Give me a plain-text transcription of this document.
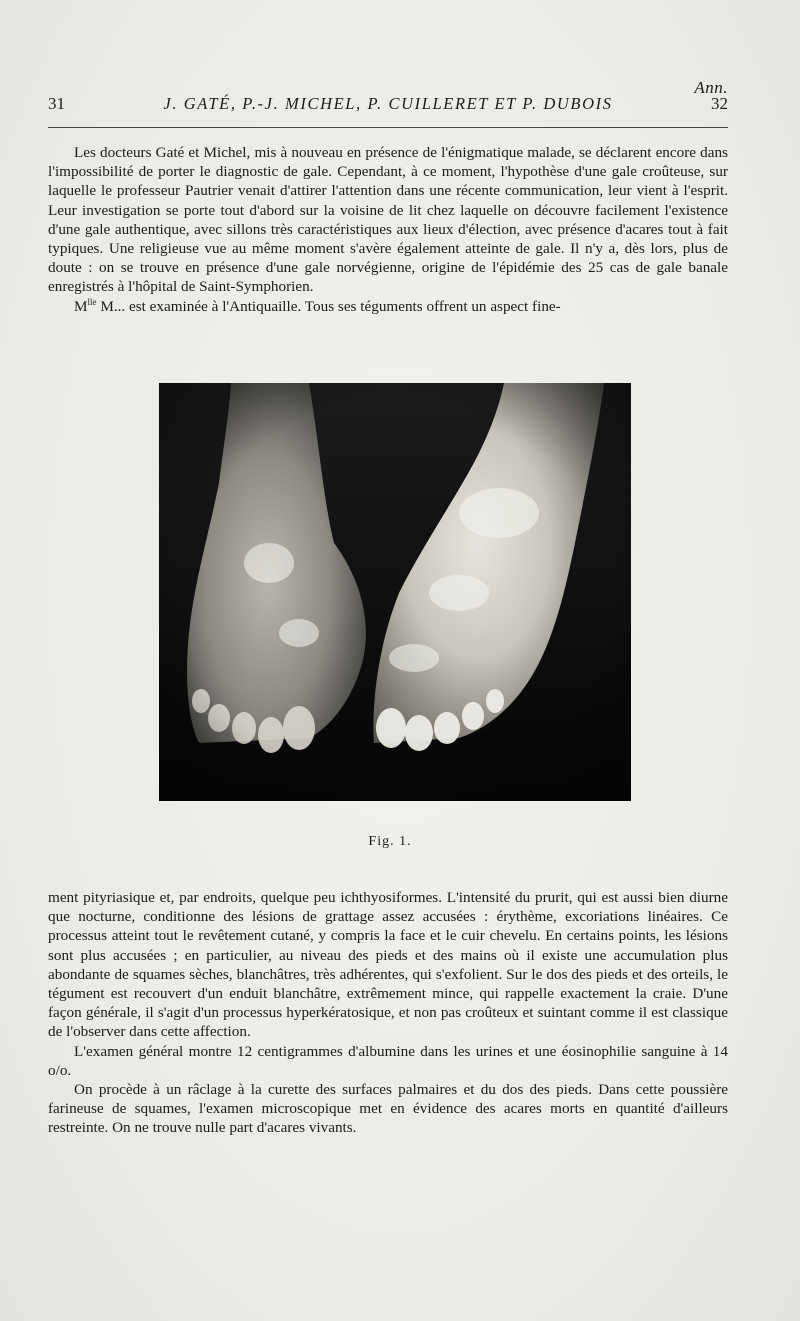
Ann.
31	J. GATÉ, P.-J. MICHEL, P. CUILLERET ET P. DUBOIS	32

Les docteurs Gaté et Michel, mis à nouveau en présence de l'énigmatique malade, se déclarent encore dans l'impossibilité de porter le diagnostic de gale. Cependant, à ce moment, l'hypothèse d'une gale croûteuse, sur laquelle le professeur Pautrier venait d'attirer l'attention dans une récente communication, leur vient à l'esprit. Leur investigation se porte tout d'abord sur la voisine de lit chez laquelle on découvre facilement l'existence d'une gale authentique, avec sillons très caractéristiques aux lieux d'élection, avec présence d'acares tout à fait typiques. Une religieuse vue au même moment s'avère également atteinte de gale. Il n'y a, dès lors, plus de doute : on se trouve en présence d'une gale norvégienne, origine de l'épidémie des 25 cas de gale banale enregistrés à l'hôpital de Saint-Symphorien.

$M^{lle}$ M... est examinée à l'Antiquaille. Tous ses téguments offrent un aspect fine-

Fig. 1.

ment pityriasique et, par endroits, quelque peu ichthyosiformes. L'intensité du prurit, qui est aussi bien diurne que nocturne, conditionne des lésions de grattage assez accusées : érythème, excoriations linéaires. Ce processus atteint tout le revêtement cutané, y compris la face et le cuir chevelu. En certains points, les lésions sont plus accusées ; en particulier, au niveau des pieds et des mains où il existe une accumulation plus abondante de squames sèches, blanchâtres, très adhérentes, qui s'exfolient. Sur le dos des pieds et des orteils, le tégument est recouvert d'un enduit blanchâtre, extrêmement mince, qui rappelle exactement la craie. D'une façon générale, il s'agit d'un processus hyperkératosique, et non pas croûteux et suintant comme il est classique de l'observer dans cette affection.

L'examen général montre 12 centigrammes d'albumine dans les urines et une éosinophilie sanguine à 14 o/o.

On procède à un râclage à la curette des surfaces palmaires et du dos des pieds. Dans cette poussière farineuse de squames, l'examen microscopique met en évidence des acares morts en quantité d'ailleurs restreinte. On ne trouve nulle part d'acares vivants.
